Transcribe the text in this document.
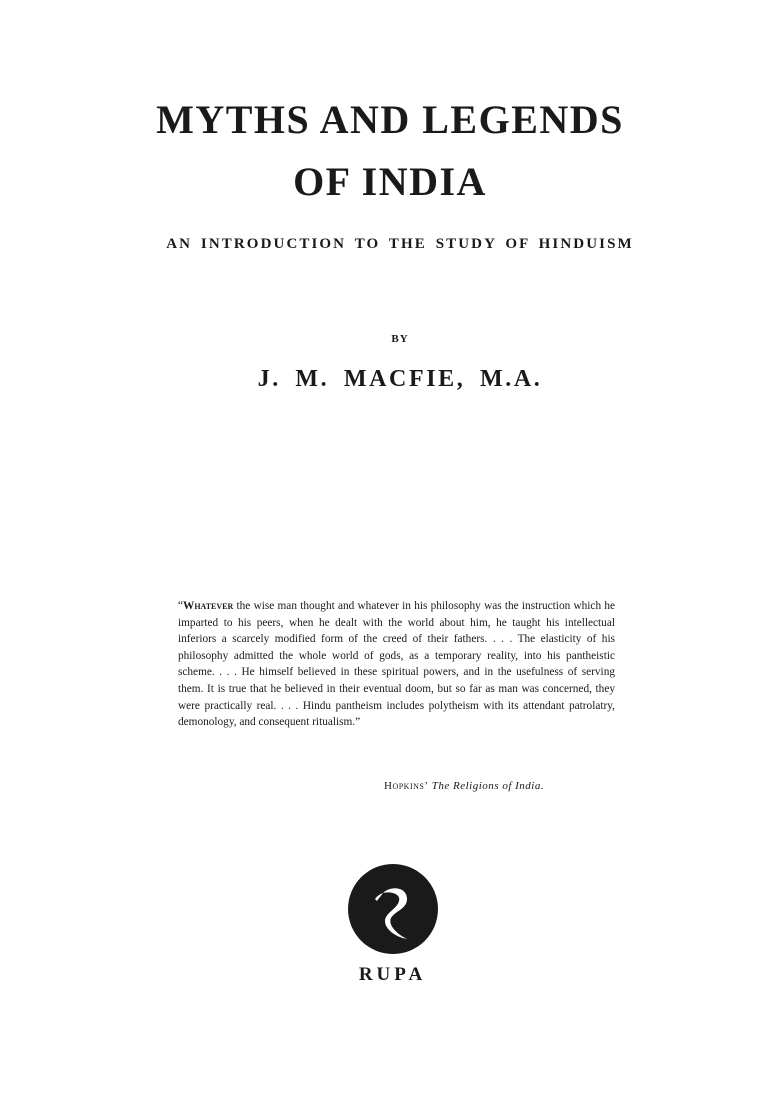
MYTHS AND LEGENDS
OF INDIA
AN INTRODUCTION TO THE STUDY OF HINDUISM
BY
J. M. MACFIE, M.A.

“Whatever the wise man thought and whatever in his philosophy was the instruction which he imparted to his peers, when he dealt with the world about him, he taught his intellectual inferiors a scarcely modified form of the creed of their fathers. . . . The elasticity of his philosophy admitted the whole world of gods, as a temporary reality, into his pantheistic scheme. . . . He himself believed in these spiritual powers, and in the usefulness of serving them. It is true that he believed in their eventual doom, but so far as man was concerned, they were practically real. . . . Hindu pantheism includes polytheism with its attendant patrolatry, demonology, and consequent ritualism.”

Hopkins’ The Religions of India.
RUPA
